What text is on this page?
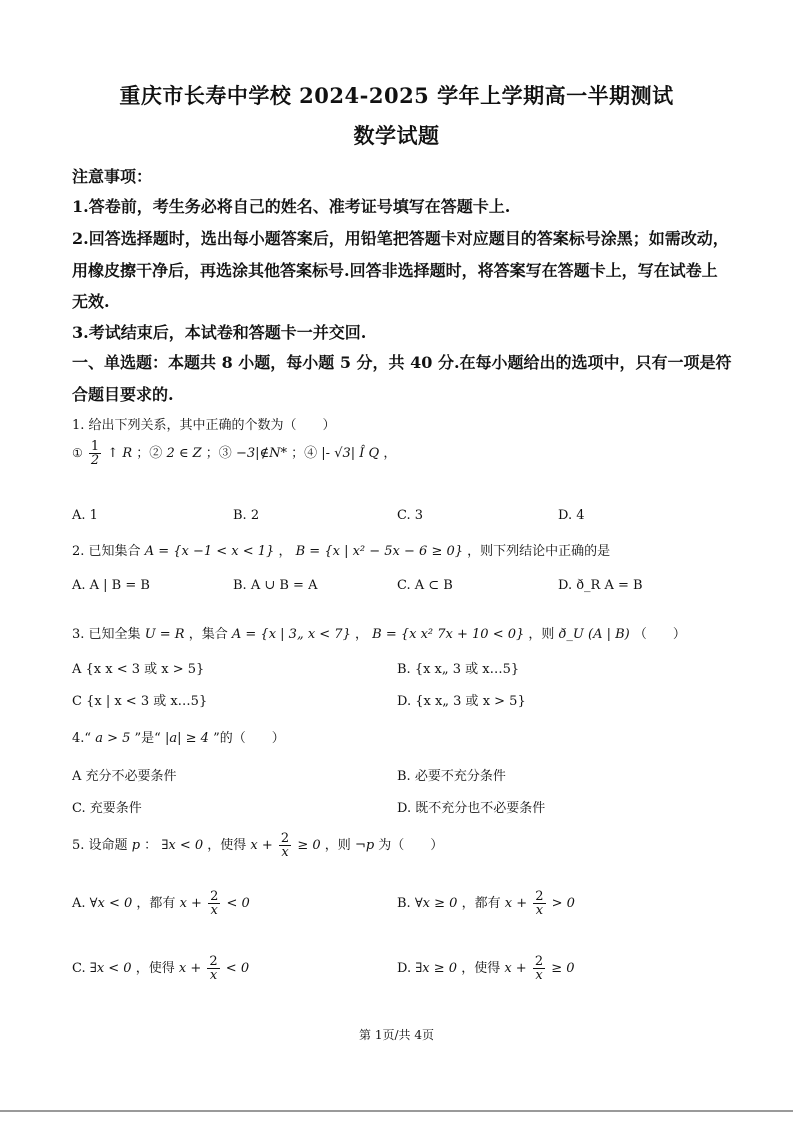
重庆市长寿中学校 2024-2025 学年上学期高一半期测试
数学试题
注意事项：
1.答卷前，考生务必将自己的姓名、准考证号填写在答题卡上.
2.回答选择题时，选出每小题答案后，用铅笔把答题卡对应题目的答案标号涂黑；如需改动，
用橡皮擦干净后，再选涂其他答案标号.回答非选择题时，将答案写在答题卡上，写在试卷上
无效.
3.考试结束后，本试卷和答题卡一并交回.
一、单选题：本题共 8 小题，每小题 5 分，共 40 分.在每小题给出的选项中，只有一项是符
合题目要求的.
1. 给出下列关系，其中正确的个数为（　　）
① $\frac{1}{2}$ ↑ R ；② 2 ∈ Z ；③ −3|∉N* ；④ |- √3| Î Q ，
A. 1	B. 2	C. 3	D. 4
2. 已知集合 A = {x −1 < x < 1} ， B = {x | x² − 5x − 6 ≥ 0} ，则下列结论中正确的是
A. A | B = B	B. A ∪ B = A	C. A ⊂ B	D. ð_R A = B
3. 已知全集 U = R ，集合 A = {x | 3„ x < 7} ， B = {x x² 7x + 10 < 0} ，则 ð_U (A | B) （　　）
A {x x < 3 或 x > 5}	B. {x x„ 3 或 x…5}
C {x | x < 3 或 x…5}	D. {x x„ 3 或 x > 5}
4.“ a > 5 ”是“ |a| ≥ 4 ”的（　　）
A 充分不必要条件	B. 必要不充分条件
C. 充要条件	D. 既不充分也不必要条件
5. 设命题 p ： ∃x < 0 ，使得 $x + \frac{2}{x} \ge 0$ ，则 ¬p 为（　　）
A. ∀x < 0 ，都有 $x + \frac{2}{x} < 0$	B. ∀x ≥ 0 ，都有 $x + \frac{2}{x} > 0$
C. ∃x < 0 ，使得 $x + \frac{2}{x} < 0$	D. ∃x ≥ 0 ，使得 $x + \frac{2}{x} \ge 0$
第 1页/共 4页
